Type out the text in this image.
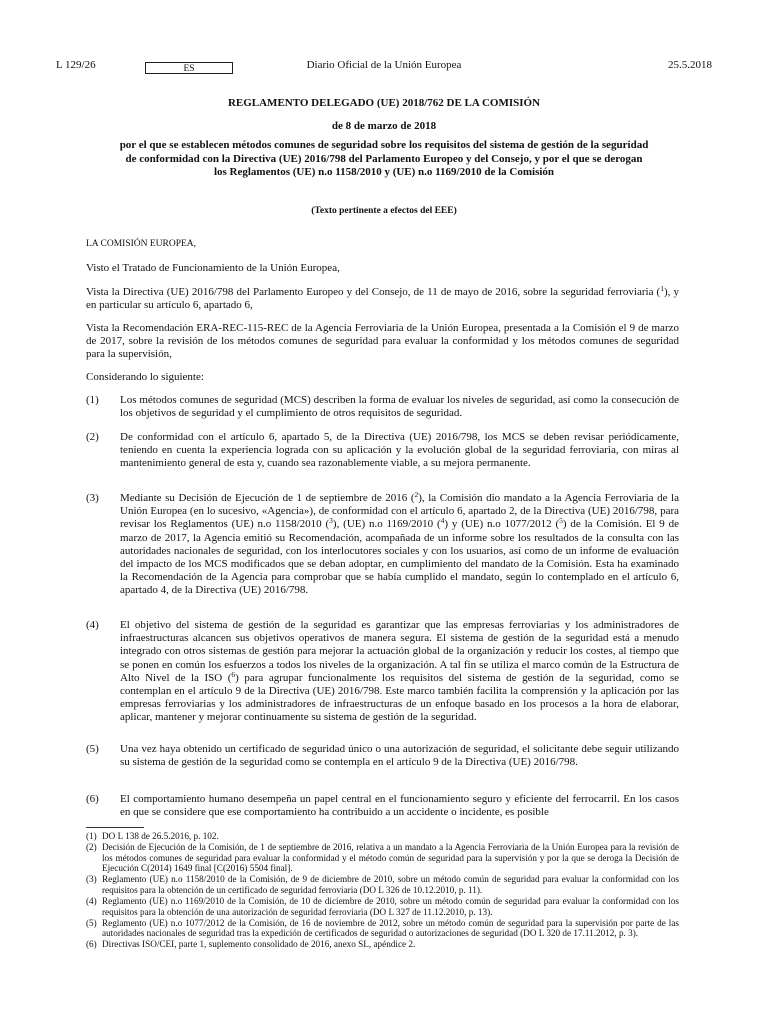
L 129/26	ES	Diario Oficial de la Unión Europea	25.5.2018
REGLAMENTO DELEGADO (UE) 2018/762 DE LA COMISIÓN
de 8 de marzo de 2018
por el que se establecen métodos comunes de seguridad sobre los requisitos del sistema de gestión de la seguridad de conformidad con la Directiva (UE) 2016/798 del Parlamento Europeo y del Consejo, y por el que se derogan los Reglamentos (UE) n.o 1158/2010 y (UE) n.o 1169/2010 de la Comisión
(Texto pertinente a efectos del EEE)
LA COMISIÓN EUROPEA,
Visto el Tratado de Funcionamiento de la Unión Europea,
Vista la Directiva (UE) 2016/798 del Parlamento Europeo y del Consejo, de 11 de mayo de 2016, sobre la seguridad ferroviaria ($^1$), y en particular su artículo 6, apartado 6,
Vista la Recomendación ERA-REC-115-REC de la Agencia Ferroviaria de la Unión Europea, presentada a la Comisión el 9 de marzo de 2017, sobre la revisión de los métodos comunes de seguridad para evaluar la conformidad y los métodos comunes de seguridad para la supervisión,
Considerando lo siguiente:
(1)	Los métodos comunes de seguridad (MCS) describen la forma de evaluar los niveles de seguridad, así como la consecución de los objetivos de seguridad y el cumplimiento de otros requisitos de seguridad.
(2)	De conformidad con el artículo 6, apartado 5, de la Directiva (UE) 2016/798, los MCS se deben revisar periódicamente, teniendo en cuenta la experiencia lograda con su aplicación y la evolución global de la seguridad ferroviaria, con miras al mantenimiento general de esta y, cuando sea razonablemente viable, a su mejora permanente.
(3)	Mediante su Decisión de Ejecución de 1 de septiembre de 2016 ($^2$), la Comisión dio mandato a la Agencia Ferroviaria de la Unión Europea (en lo sucesivo, «Agencia»), de conformidad con el artículo 6, apartado 2, de la Directiva (UE) 2016/798, para revisar los Reglamentos (UE) n.o 1158/2010 ($^3$), (UE) n.o 1169/2010 ($^4$) y (UE) n.o 1077/2012 ($^5$) de la Comisión. El 9 de marzo de 2017, la Agencia emitió su Recomendación, acompañada de un informe sobre los resultados de la consulta con las autoridades nacionales de seguridad, con los interlocutores sociales y con los usuarios, así como de un informe de evaluación del impacto de los MCS modificados que se deban adoptar, en cumplimiento del mandato de la Comisión. Esta ha examinado la Recomendación de la Agencia para comprobar que se había cumplido el mandato, según lo contemplado en el artículo 6, apartado 4, de la Directiva (UE) 2016/798.
(4)	El objetivo del sistema de gestión de la seguridad es garantizar que las empresas ferroviarias y los administradores de infraestructuras alcancen sus objetivos operativos de manera segura. El sistema de gestión de la seguridad está a menudo integrado con otros sistemas de gestión para mejorar la actuación global de la organización y reducir los costes, al tiempo que se ponen en común los esfuerzos a todos los niveles de la organización. A tal fin se utiliza el marco común de la Estructura de Alto Nivel de la ISO ($^6$) para agrupar funcionalmente los requisitos del sistema de gestión de la seguridad, como se contemplan en el artículo 9 de la Directiva (UE) 2016/798. Este marco también facilita la comprensión y la aplicación por las empresas ferroviarias y los administradores de infraestructuras de un enfoque basado en los procesos a la hora de elaborar, aplicar, mantener y mejorar continuamente su sistema de gestión de la seguridad.
(5)	Una vez haya obtenido un certificado de seguridad único o una autorización de seguridad, el solicitante debe seguir utilizando su sistema de gestión de la seguridad como se contempla en el artículo 9 de la Directiva (UE) 2016/798.
(6)	El comportamiento humano desempeña un papel central en el funcionamiento seguro y eficiente del ferrocarril. En los casos en que se considere que ese comportamiento ha contribuido a un accidente o incidente, es posible
(1) DO L 138 de 26.5.2016, p. 102.
(2) Decisión de Ejecución de la Comisión, de 1 de septiembre de 2016, relativa a un mandato a la Agencia Ferroviaria de la Unión Europea para la revisión de los métodos comunes de seguridad para evaluar la conformidad y el método común de seguridad para la supervisión y por la que se deroga la Decisión de Ejecución C(2014) 1649 final [C(2016) 5504 final].
(3) Reglamento (UE) n.o 1158/2010 de la Comisión, de 9 de diciembre de 2010, sobre un método común de seguridad para evaluar la conformidad con los requisitos para la obtención de un certificado de seguridad ferroviaria (DO L 326 de 10.12.2010, p. 11).
(4) Reglamento (UE) n.o 1169/2010 de la Comisión, de 10 de diciembre de 2010, sobre un método común de seguridad para evaluar la conformidad con los requisitos para la obtención de una autorización de seguridad ferroviaria (DO L 327 de 11.12.2010, p. 13).
(5) Reglamento (UE) n.o 1077/2012 de la Comisión, de 16 de noviembre de 2012, sobre un método común de seguridad para la supervisión por parte de las autoridades nacionales de seguridad tras la expedición de certificados de seguridad o autorizaciones de seguridad (DO L 320 de 17.11.2012, p. 3).
(6) Directivas ISO/CEI, parte 1, suplemento consolidado de 2016, anexo SL, apéndice 2.
